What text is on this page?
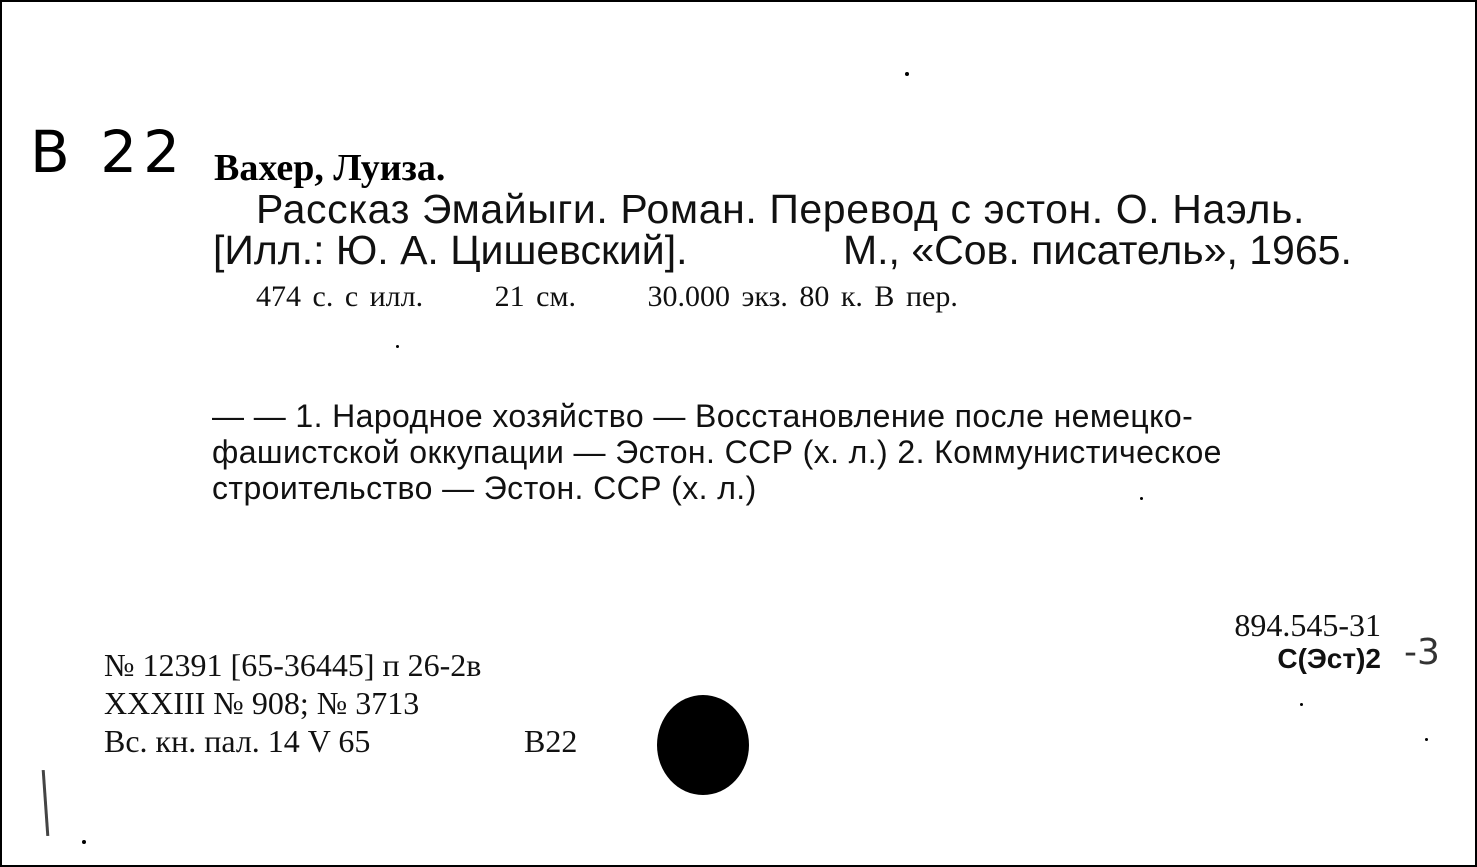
В 22 Вахер, Луиза.
Рассказ Эмайыги. Роман. Перевод с эстон. О. Наэль.
[Илл.: Ю. А. Цишевский].	М., «Сов. писатель», 1965.
474 с. с илл. 21 см. 30.000 экз. 80 к. В пер.
— — 1. Народное хозяйство — Восстановление после немецко-
фашистской оккупации — Эстон. ССР (х. л.) 2. Коммунистическое
строительство — Эстон. ССР (х. л.)
№ 12391 [65-36445] п 26-2в
XXXIII № 908; № 3713
Вс. кн. пал. 14 V 65	В22
894.545-31
С(Эст)2 -3
